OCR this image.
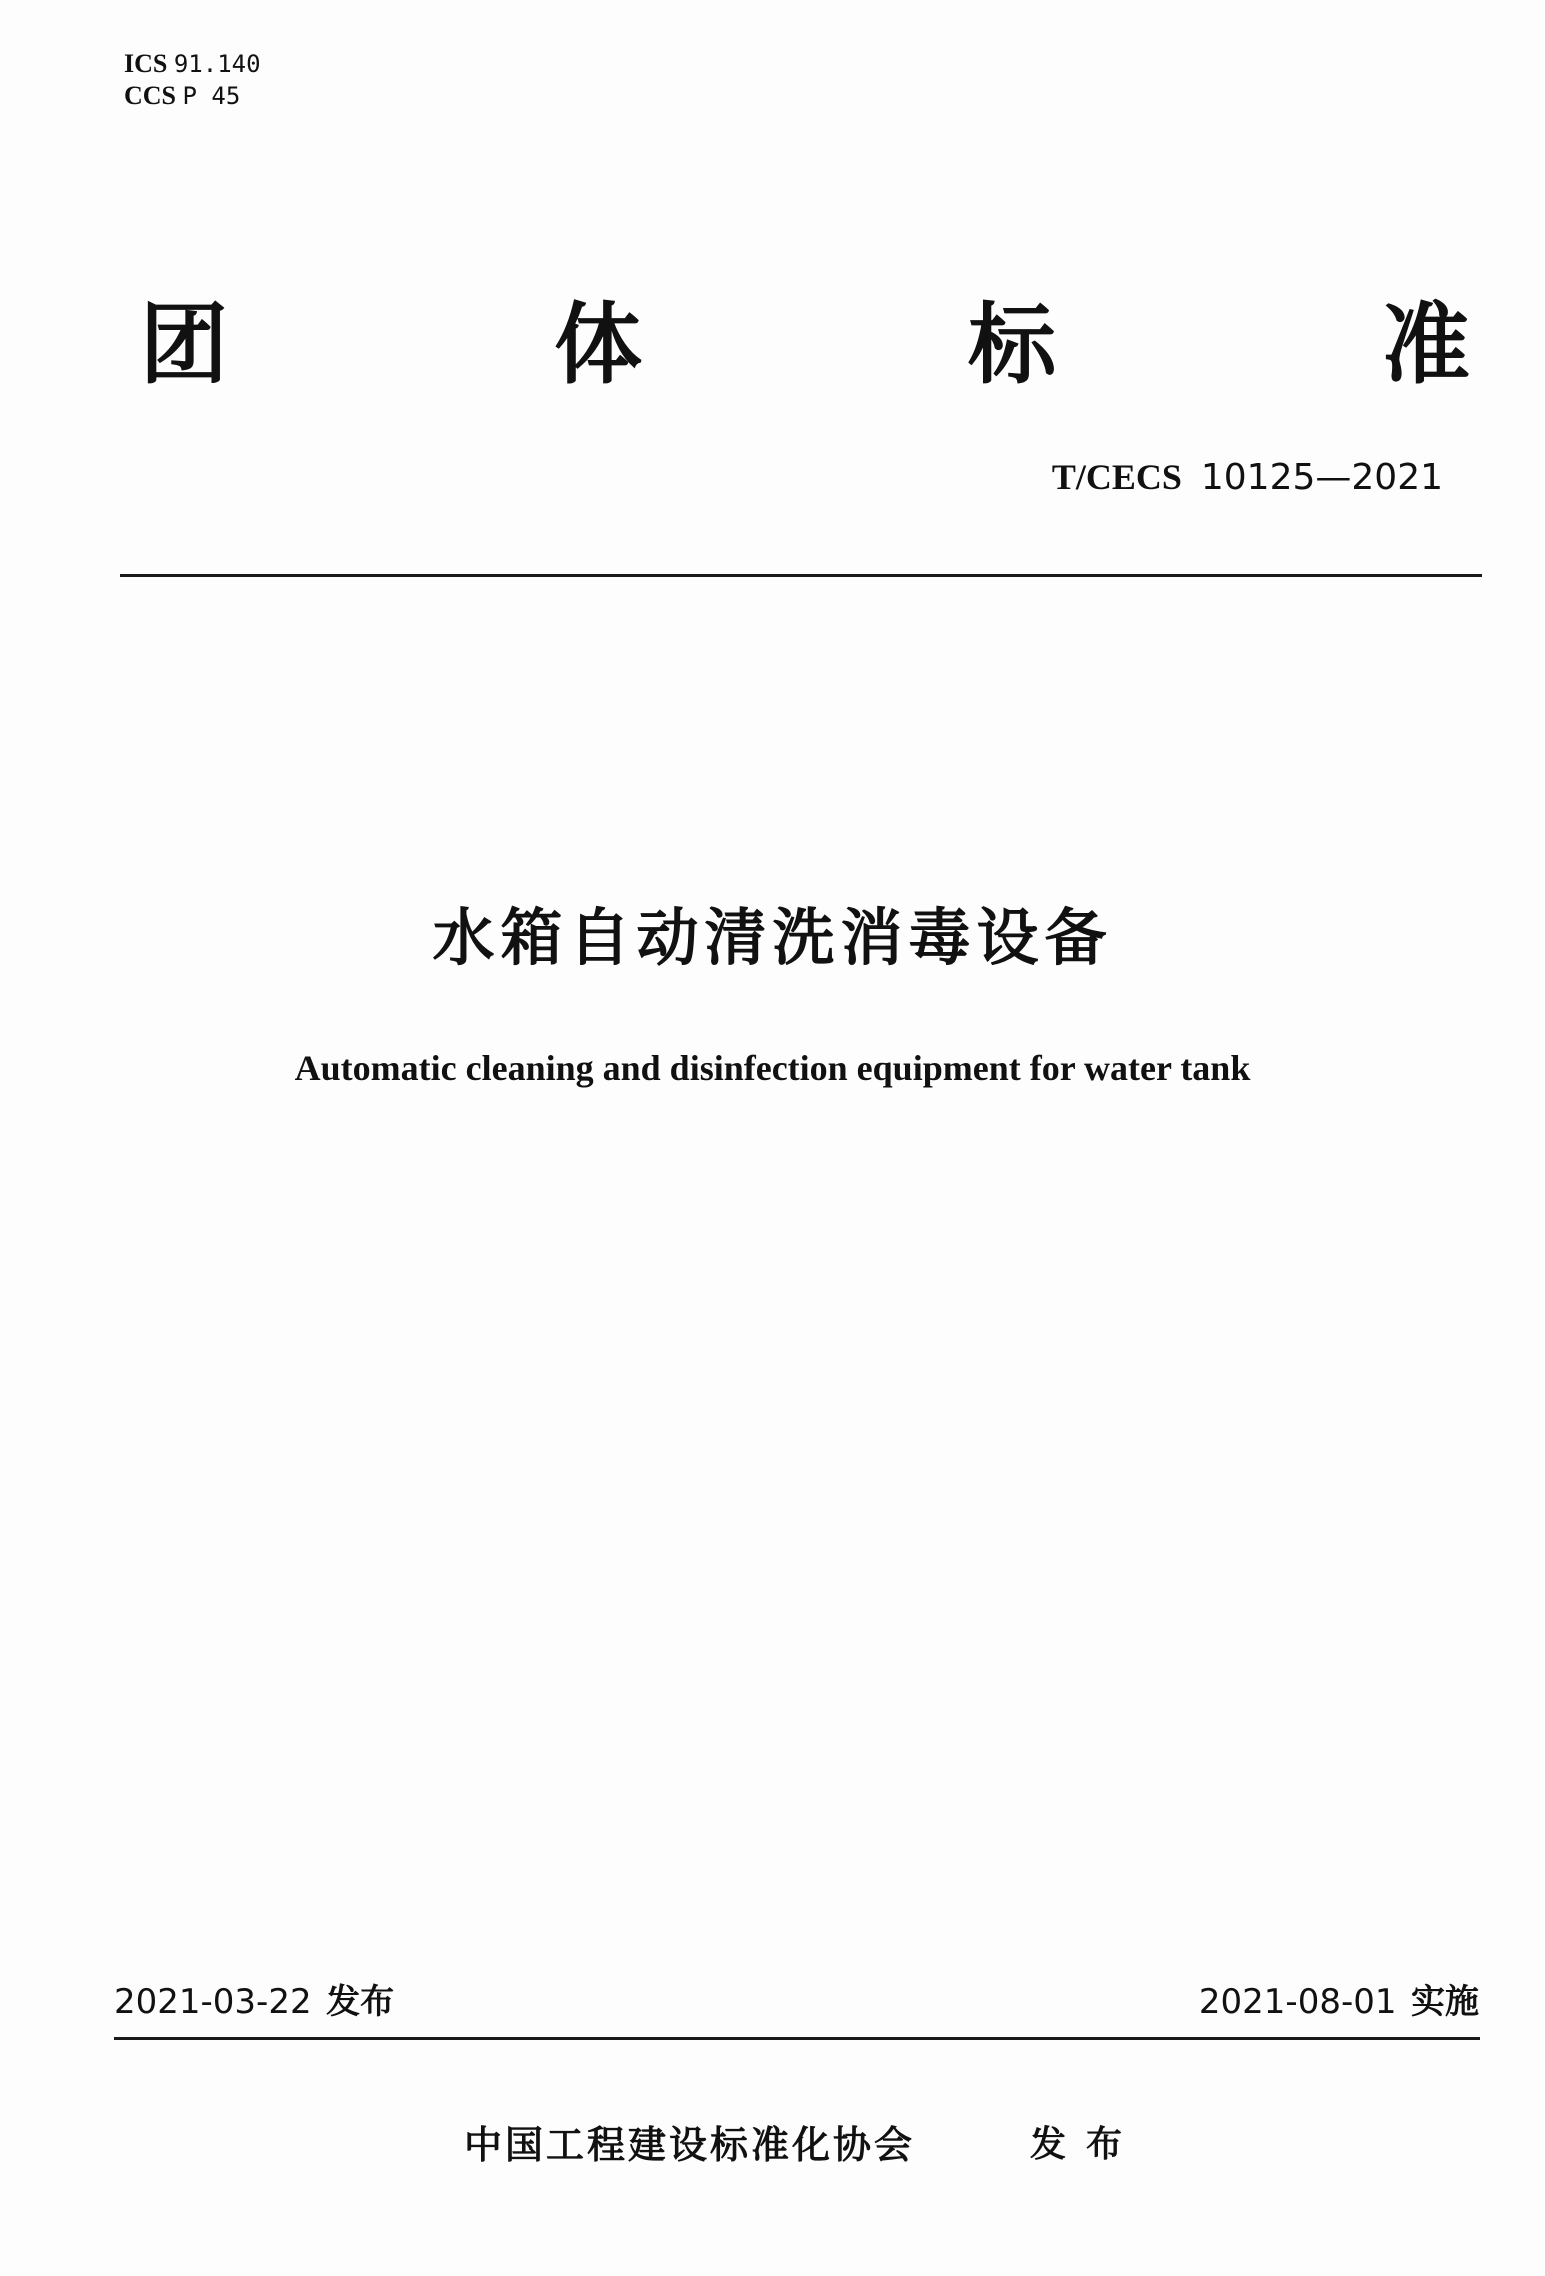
ICS 91.140
CCS P 45
团	体	标	准
T/CECS 10125—2021
水箱自动清洗消毒设备
Automatic cleaning and disinfection equipment for water tank
2021-03-22 发布	2021-08-01 实施
中国工程建设标准化协会	发布
